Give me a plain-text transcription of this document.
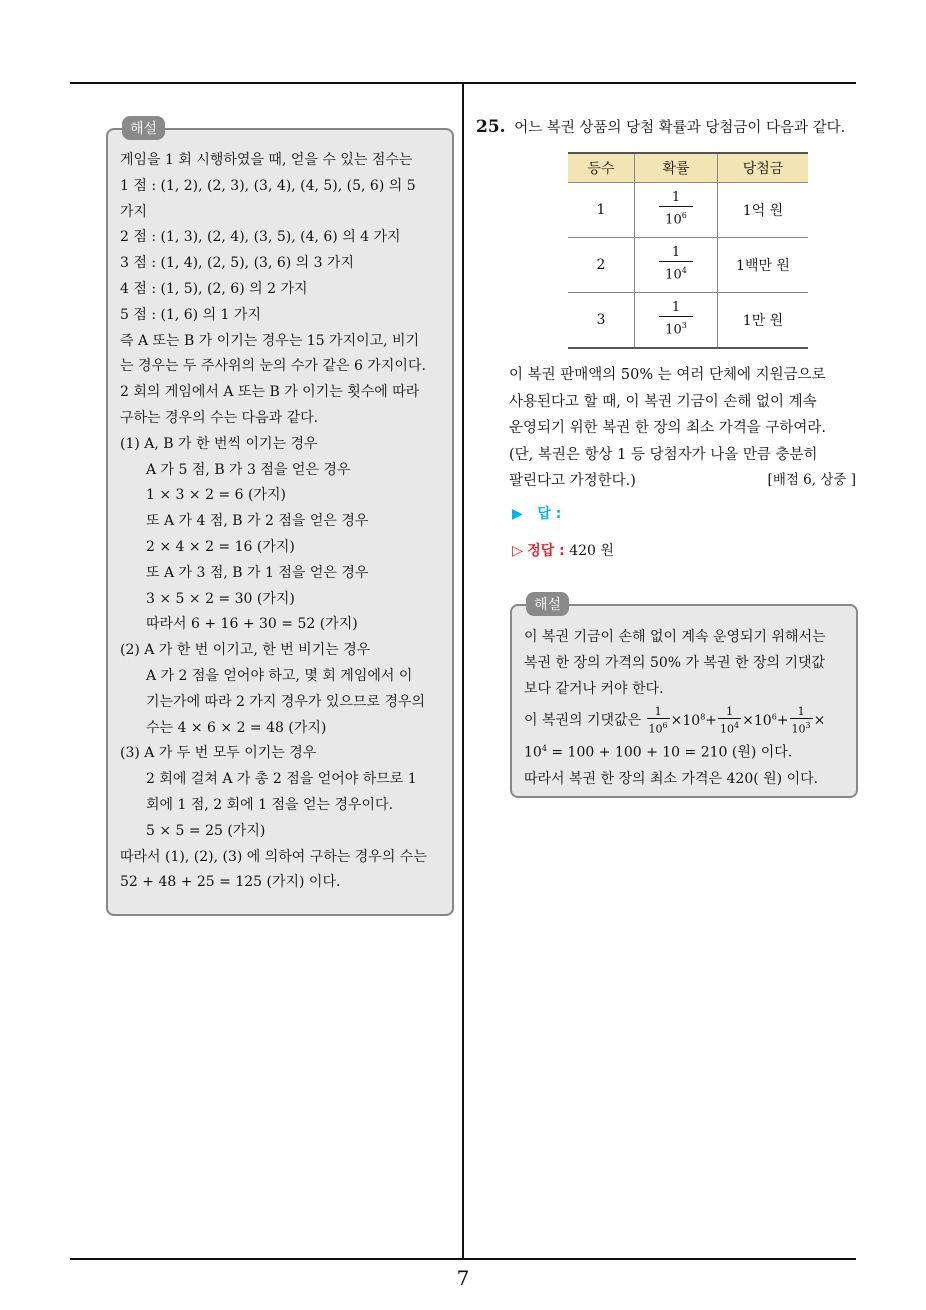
해설
게임을 1 회 시행하였을 때, 얻을 수 있는 점수는
1 점 : (1, 2), (2, 3), (3, 4), (4, 5), (5, 6) 의 5
가지
2 점 : (1, 3), (2, 4), (3, 5), (4, 6) 의 4 가지
3 점 : (1, 4), (2, 5), (3, 6) 의 3 가지
4 점 : (1, 5), (2, 6) 의 2 가지
5 점 : (1, 6) 의 1 가지
즉 A 또는 B 가 이기는 경우는 15 가지이고, 비기
는 경우는 두 주사위의 눈의 수가 같은 6 가지이다.
2 회의 게임에서 A 또는 B 가 이기는 횟수에 따라
구하는 경우의 수는 다음과 같다.
(1) A, B 가 한 번씩 이기는 경우
A 가 5 점, B 가 3 점을 얻은 경우
1 × 3 × 2 = 6 (가지)
또 A 가 4 점, B 가 2 점을 얻은 경우
2 × 4 × 2 = 16 (가지)
또 A 가 3 점, B 가 1 점을 얻은 경우
3 × 5 × 2 = 30 (가지)
따라서 6 + 16 + 30 = 52 (가지)
(2) A 가 한 번 이기고, 한 번 비기는 경우
A 가 2 점을 얻어야 하고, 몇 회 게임에서 이
기는가에 따라 2 가지 경우가 있으므로 경우의
수는 4 × 6 × 2 = 48 (가지)
(3) A 가 두 번 모두 이기는 경우
2 회에 걸쳐 A 가 총 2 점을 얻어야 하므로 1
회에 1 점, 2 회에 1 점을 얻는 경우이다.
5 × 5 = 25 (가지)
따라서 (1), (2), (3) 에 의하여 구하는 경우의 수는
52 + 48 + 25 = 125 (가지) 이다.
25. 어느 복권 상품의 당첨 확률과 당첨금이 다음과 같다.
등수	확률	당첨금
1	$\frac{1}{10^6}$	1억 원
2	$\frac{1}{10^4}$	1백만 원
3	$\frac{1}{10^3}$	1만 원
이 복권 판매액의 50% 는 여러 단체에 지원금으로
사용된다고 할 때, 이 복권 기금이 손해 없이 계속
운영되기 위한 복권 한 장의 최소 가격을 구하여라.
(단, 복권은 항상 1 등 당첨자가 나올 만큼 충분히
팔린다고 가정한다.)	[배점 6, 상중 ]
▶ 답 :
▷ 정답 : 420 원
해설
이 복권 기금이 손해 없이 계속 운영되기 위해서는
복권 한 장의 가격의 50% 가 복권 한 장의 기댓값
보다 같거나 커야 한다.
이 복권의 기댓값은 $\frac{1}{10^6} \times 10^8+ \frac{1}{10^4} \times 10^6+ \frac{1}{10^3}$ ×
$10^4 = 100 + 100 + 10 = 210$ (원) 이다.
따라서 복권 한 장의 최소 가격은 420( 원) 이다.
7
